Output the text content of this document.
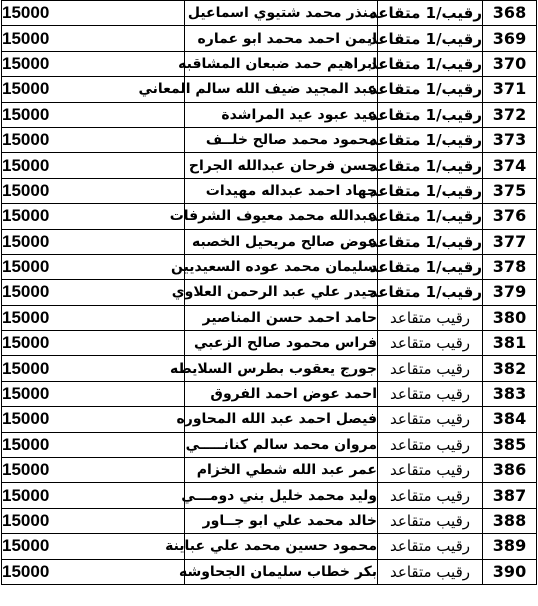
368	رقيب/1 متقاعد	منذر محمد شتيوي اسماعيل	15000
369	رقيب/1 متقاعد	ايمن احمد محمد ابو عماره	15000
370	رقيب/1 متقاعد	ابراهيم حمد ضبعان المشاقبه	15000
371	رقيب/1 متقاعد	عبد المجيد ضيف الله سالم المعاني	15000
372	رقيب/1 متقاعد	عيد عبود عيد المراشدة	15000
373	رقيب/1 متقاعد	محمود محمد صالح خلــف	15000
374	رقيب/1 متقاعد	حسن فرحان عبدالله الجراح	15000
375	رقيب/1 متقاعد	جهاد احمد عبداله مهيدات	15000
376	رقيب/1 متقاعد	عبدالله محمد معيوف الشرفات	15000
377	رقيب/1 متقاعد	عوض صالح مريحيل الخصبه	15000
378	رقيب/1 متقاعد	سليمان محمد عوده السعيديين	15000
379	رقيب/1 متقاعد	حيدر علي عبد الرحمن العلاوي	15000
380	رقيب متقاعد	حامد احمد حسن المناصير	15000
381	رقيب متقاعد	فراس محمود صالح الزعبي	15000
382	رقيب متقاعد	جورج يعقوب بطرس السلايطه	15000
383	رقيب متقاعد	احمد عوض احمد الفروق	15000
384	رقيب متقاعد	فيصل احمد عبد الله المحاوره	15000
385	رقيب متقاعد	مروان محمد سالم كنانـــــي	15000
386	رقيب متقاعد	عمر عبد الله شطي الخزام	15000
387	رقيب متقاعد	وليد محمد خليل بني دومـــي	15000
388	رقيب متقاعد	خالد محمد علي ابو جــاور	15000
389	رقيب متقاعد	محمود حسين محمد علي عباينة	15000
390	رقيب متقاعد	بكر خطاب سليمان الجحاوشه	15000
